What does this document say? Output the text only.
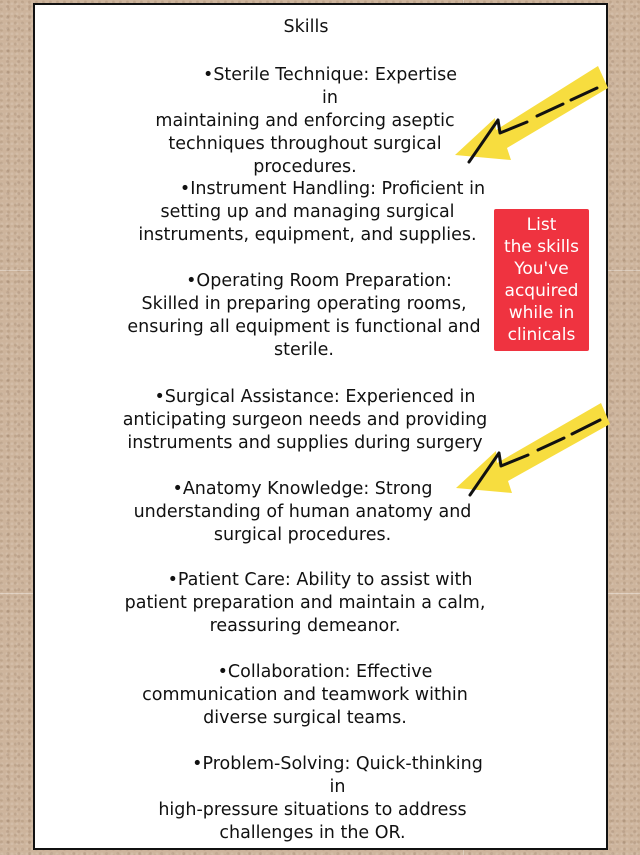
Skills
•Sterile Technique: Expertise in
maintaining and enforcing aseptic
techniques throughout surgical
procedures.
•Instrument Handling: Proficient in
setting up and managing surgical
instruments, equipment, and supplies.
•Operating Room Preparation:
Skilled in preparing operating rooms,
ensuring all equipment is functional and
sterile.
•Surgical Assistance: Experienced in
anticipating surgeon needs and providing
instruments and supplies during surgery
•Anatomy Knowledge: Strong
understanding of human anatomy and
surgical procedures.
•Patient Care: Ability to assist with
patient preparation and maintain a calm,
reassuring demeanor.
•Collaboration: Effective
communication and teamwork within
diverse surgical teams.
•Problem-Solving: Quick-thinking in
high-pressure situations to address
challenges in the OR.
List
the skills
You've
acquired
while in
clinicals
